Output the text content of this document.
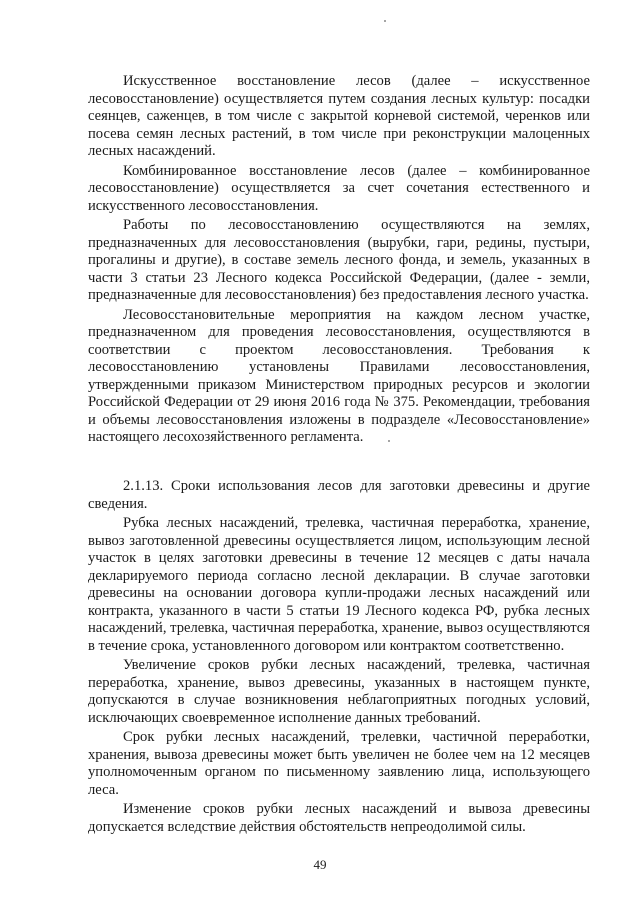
Искусственное восстановление лесов (далее – искусственное лесовосстановление) осуществляется путем создания лесных культур: посадки сеянцев, саженцев, в том числе с закрытой корневой системой, черенков или посева семян лесных растений, в том числе при реконструкции малоценных лесных насаждений.

Комбинированное восстановление лесов (далее – комбинированное лесовосстановление) осуществляется за счет сочетания естественного и искусственного лесовосстановления.

Работы по лесовосстановлению осуществляются на землях, предназначенных для лесовосстановления (вырубки, гари, редины, пустыри, прогалины и другие), в составе земель лесного фонда, и земель, указанных в части 3 статьи 23 Лесного кодекса Российской Федерации, (далее - земли, предназначенные для лесовосстановления) без предоставления лесного участка.

Лесовосстановительные мероприятия на каждом лесном участке, предназначенном для проведения лесовосстановления, осуществляются в соответствии с проектом лесовосстановления. Требования к лесовосстановлению установлены Правилами лесовосстановления, утвержденными приказом Министерством природных ресурсов и экологии Российской Федерации от 29 июня 2016 года № 375. Рекомендации, требования и объемы лесовосстановления изложены в подразделе «Лесовосстановление» настоящего лесохозяйственного регламента.

2.1.13. Сроки использования лесов для заготовки древесины и другие сведения.

Рубка лесных насаждений, трелевка, частичная переработка, хранение, вывоз заготовленной древесины осуществляется лицом, использующим лесной участок в целях заготовки древесины в течение 12 месяцев с даты начала декларируемого периода согласно лесной декларации. В случае заготовки древесины на основании договора купли-продажи лесных насаждений или контракта, указанного в части 5 статьи 19 Лесного кодекса РФ, рубка лесных насаждений, трелевка, частичная переработка, хранение, вывоз осуществляются в течение срока, установленного договором или контрактом соответственно.

Увеличение сроков рубки лесных насаждений, трелевка, частичная переработка, хранение, вывоз древесины, указанных в настоящем пункте, допускаются в случае возникновения неблагоприятных погодных условий, исключающих своевременное исполнение данных требований.

Срок рубки лесных насаждений, трелевки, частичной переработки, хранения, вывоза древесины может быть увеличен не более чем на 12 месяцев уполномоченным органом по письменному заявлению лица, использующего леса.

Изменение сроков рубки лесных насаждений и вывоза древесины допускается вследствие действия обстоятельств непреодолимой силы.

49
